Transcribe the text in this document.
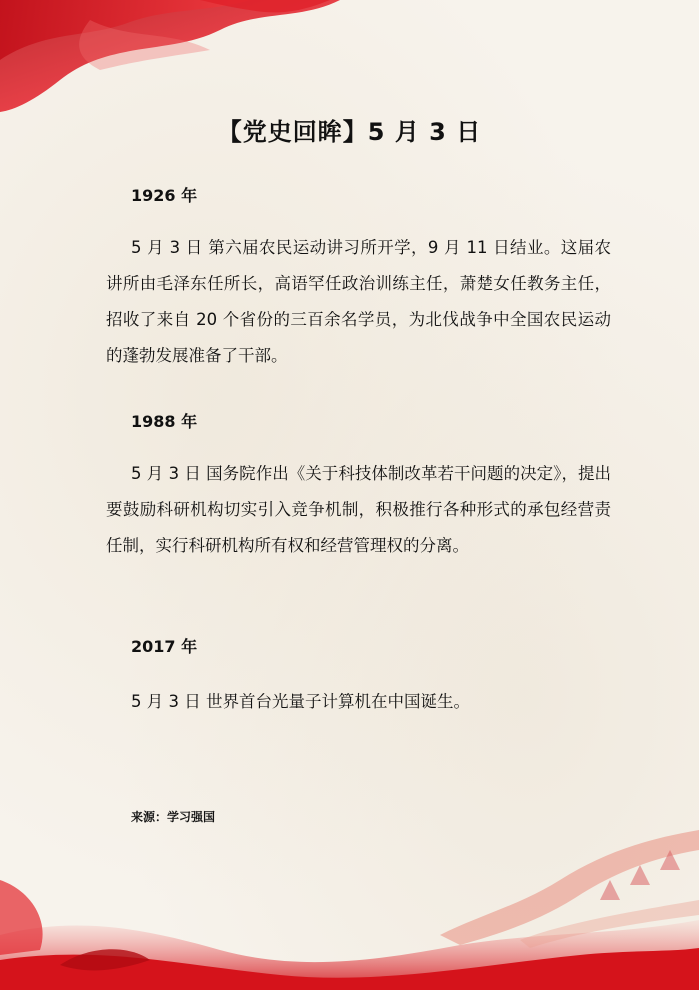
【党史回眸】5 月 3 日
1926 年
5 月 3 日 第六届农民运动讲习所开学，9 月 11 日结业。这届农讲所由毛泽东任所长，高语罕任政治训练主任，萧楚女任教务主任，招收了来自 20 个省份的三百余名学员，为北伐战争中全国农民运动的蓬勃发展准备了干部。
1988 年
5 月 3 日 国务院作出《关于科技体制改革若干问题的决定》，提出要鼓励科研机构切实引入竞争机制，积极推行各种形式的承包经营责任制，实行科研机构所有权和经营管理权的分离。
2017 年
5 月 3 日 世界首台光量子计算机在中国诞生。
来源：学习强国
